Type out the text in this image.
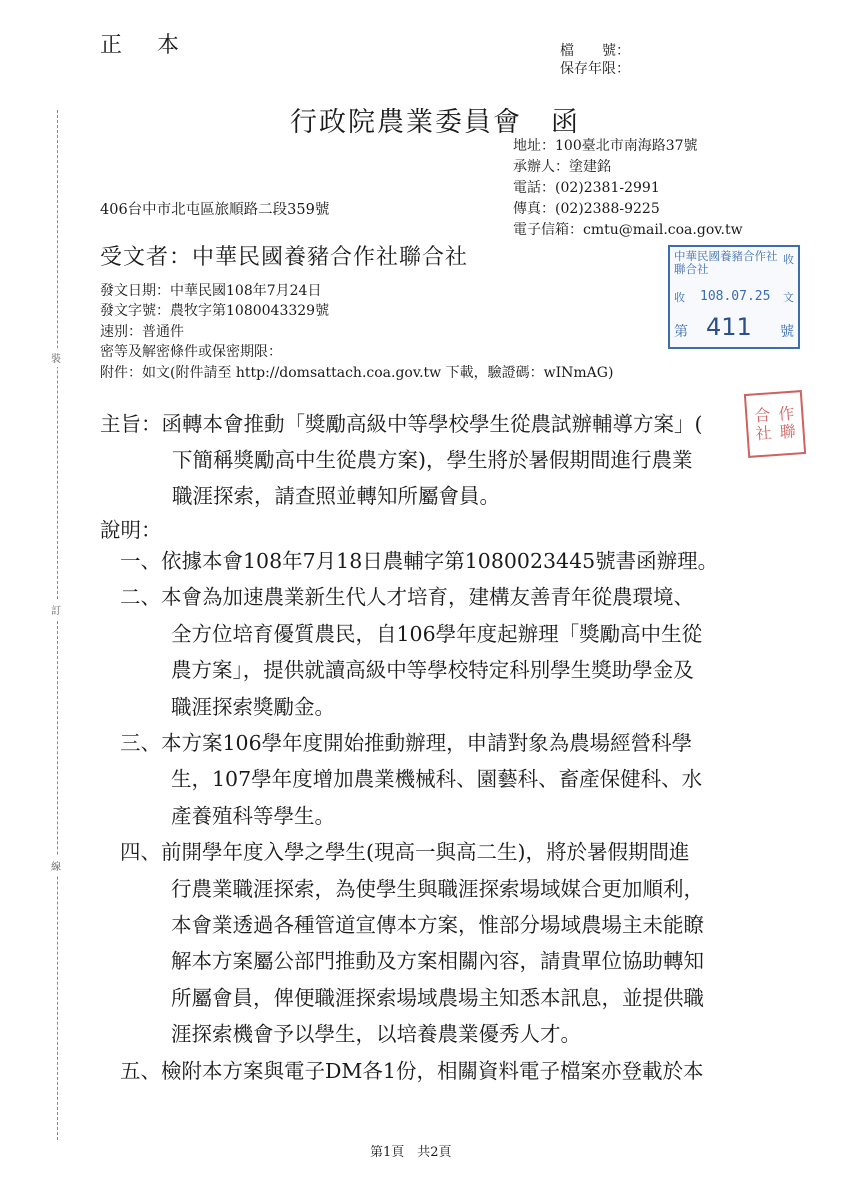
裝
訂
線
正 本	檔　　號：
保存年限：
行政院農業委員會　函
地址：100臺北市南海路37號
承辦人：塗建銘
電話：(02)2381-2991
傳真：(02)2388-9225
電子信箱：cmtu@mail.coa.gov.tw
406台中市北屯區旅順路二段359號
受文者：中華民國養豬合作社聯合社
發文日期：中華民國108年7月24日
發文字號：農牧字第1080043329號
速別：普通件
密等及解密條件或保密期限：
附件：如文(附件請至 http://domsattach.coa.gov.tw 下載，驗證碼：wINmAG)
中華民國養豬合作社聯合社
收
收 108.07.25 文
第 411 號
合 作
社 聯
主旨：函轉本會推動「獎勵高級中等學校學生從農試辦輔導方案」(
下簡稱獎勵高中生從農方案)，學生將於暑假期間進行農業
職涯探索，請查照並轉知所屬會員。
說明：
一、依據本會108年7月18日農輔字第1080023445號書函辦理。
二、本會為加速農業新生代人才培育，建構友善青年從農環境、
全方位培育優質農民，自106學年度起辦理「獎勵高中生從
農方案」，提供就讀高級中等學校特定科別學生獎助學金及
職涯探索獎勵金。
三、本方案106學年度開始推動辦理，申請對象為農場經營科學
生，107學年度增加農業機械科、園藝科、畜產保健科、水
產養殖科等學生。
四、前開學年度入學之學生(現高一與高二生)，將於暑假期間進
行農業職涯探索，為使學生與職涯探索場域媒合更加順利，
本會業透過各種管道宣傳本方案，惟部分場域農場主未能瞭
解本方案屬公部門推動及方案相關內容，請貴單位協助轉知
所屬會員，俾便職涯探索場域農場主知悉本訊息，並提供職
涯探索機會予以學生，以培養農業優秀人才。
五、檢附本方案與電子DM各1份，相關資料電子檔案亦登載於本
第1頁　共2頁
